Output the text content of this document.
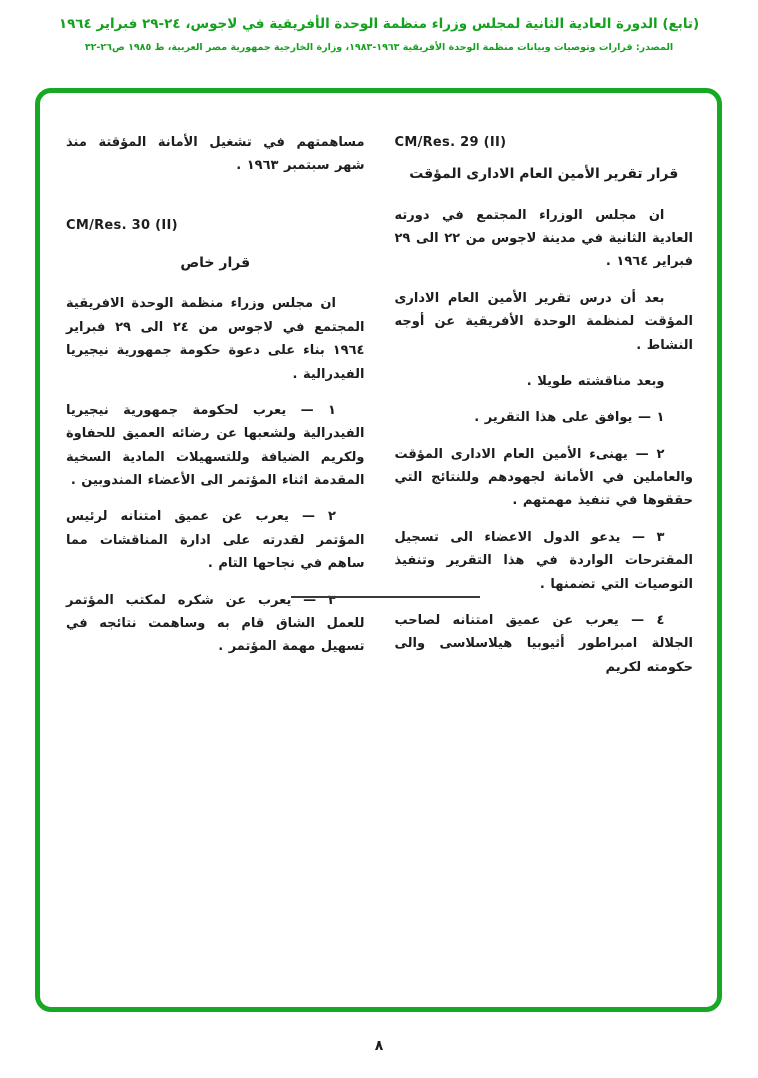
(تابع) الدورة العادية الثانية لمجلس وزراء منظمة الوحدة الأفريقية في لاجوس، ٢٤-٢٩ فبراير ١٩٦٤
المصدر: قرارات وتوصيات وبيانات منظمة الوحدة الأفريقية ١٩٦٣-١٩٨٣، وزارة الخارجية جمهورية مصر العربية، ط ١٩٨٥ ص٢٦-٣٢
CM/Res. 29 (II)
قرار تقرير الأمين العام الادارى المؤقت

ان مجلس الوزراء المجتمع في دورته العادية الثانية في مدينة لاجوس من ٢٢ الى ٢٩ فبراير ١٩٦٤ .

بعد أن درس تقرير الأمين العام الادارى المؤقت لمنظمة الوحدة الأفريقية عن أوجه النشاط .

وبعد مناقشته طويلا .

١ — يوافق على هذا التقرير .

٢ — يهنىء الأمين العام الادارى المؤقت والعاملين في الأمانة لجهودهم وللنتائج التي حققوها في تنفيذ مهمتهم .

٣ — يدعو الدول الاعضاء الى تسجيل المقترحات الواردة في هذا التقرير وتنفيذ التوصيات التي تضمنها .

٤ — يعرب عن عميق امتنانه لصاحب الجلالة امبراطور أثيوبيا هيلاسلاسى والى حكومته لكريم

مساهمتهم في تشغيل الأمانة المؤقتة منذ شهر سبتمبر ١٩٦٣ .

CM/Res. 30 (II)
قرار خاص

ان مجلس وزراء منظمة الوحدة الافريقية المجتمع في لاجوس من ٢٤ الى ٢٩ فبراير ١٩٦٤ بناء على دعوة حكومة جمهورية نيجيريا الفيدرالية .

١ — يعرب لحكومة جمهورية نيجيريا الفيدرالية ولشعبها عن رضائه العميق للحفاوة ولكريم الضيافة وللتسهيلات المادية السخية المقدمة اثناء المؤتمر الى الأعضاء المندوبين .

٢ — يعرب عن عميق امتنانه لرئيس المؤتمر لقدرته على ادارة المناقشات مما ساهم في نجاحها التام .

٣ — يعرب عن شكره لمكتب المؤتمر للعمل الشاق قام به وساهمت نتائجه في تسهيل مهمة المؤتمر .

٨
